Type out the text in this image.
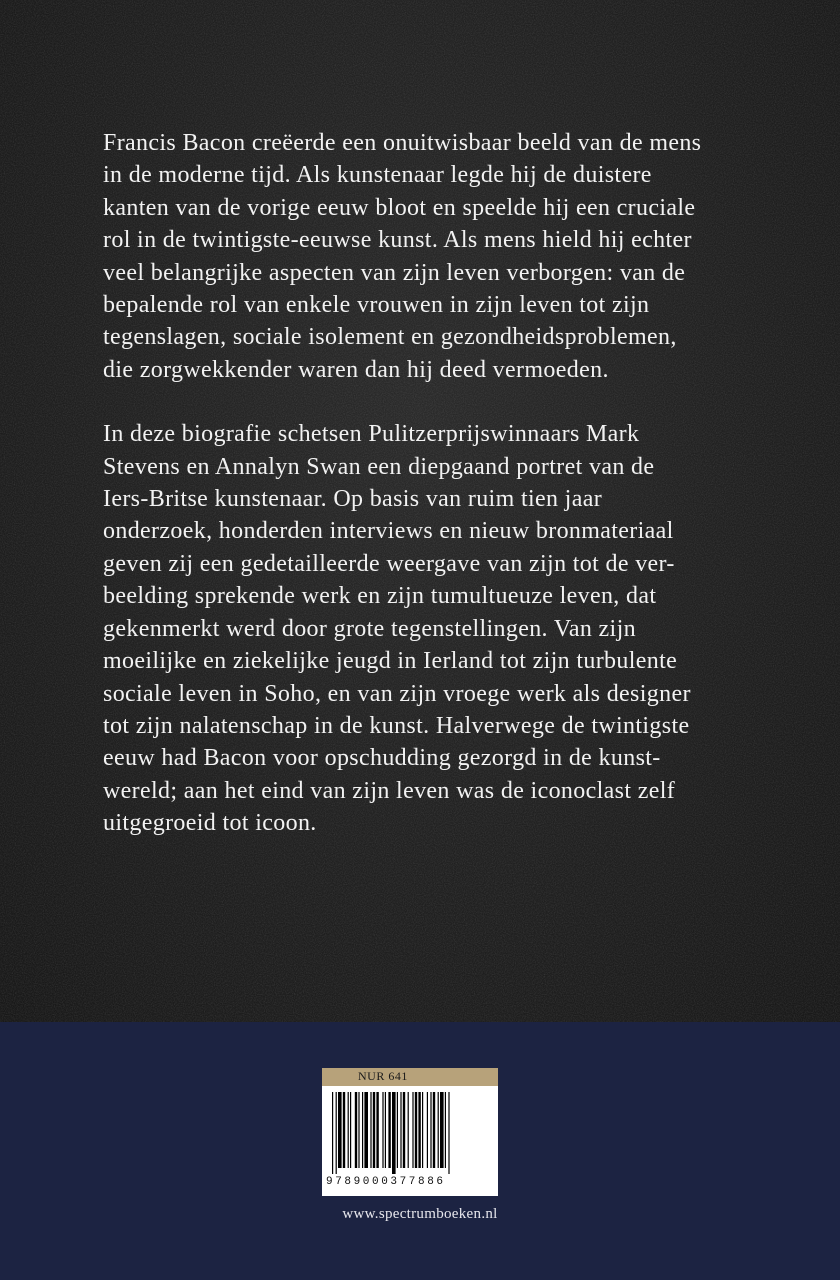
Francis Bacon creëerde een onuitwisbaar beeld van de mens
in de moderne tijd. Als kunstenaar legde hij de duistere
kanten van de vorige eeuw bloot en speelde hij een cruciale
rol in de twintigste-eeuwse kunst. Als mens hield hij echter
veel belangrijke aspecten van zijn leven verborgen: van de
bepalende rol van enkele vrouwen in zijn leven tot zijn
tegenslagen, sociale isolement en gezondheidsproblemen,
die zorgwekkender waren dan hij deed vermoeden.
In deze biografie schetsen Pulitzerprijswinnaars Mark
Stevens en Annalyn Swan een diepgaand portret van de
Iers-Britse kunstenaar. Op basis van ruim tien jaar
onderzoek, honderden interviews en nieuw bronmateriaal
geven zij een gedetailleerde weergave van zijn tot de ver-
beelding sprekende werk en zijn tumultueuze leven, dat
gekenmerkt werd door grote tegenstellingen. Van zijn
moeilijke en ziekelijke jeugd in Ierland tot zijn turbulente
sociale leven in Soho, en van zijn vroege werk als designer
tot zijn nalatenschap in de kunst. Halverwege de twintigste
eeuw had Bacon voor opschudding gezorgd in de kunst-
wereld; aan het eind van zijn leven was de iconoclast zelf
uitgegroeid tot icoon.
NUR 641
9789000377886
www.spectrumboeken.nl
